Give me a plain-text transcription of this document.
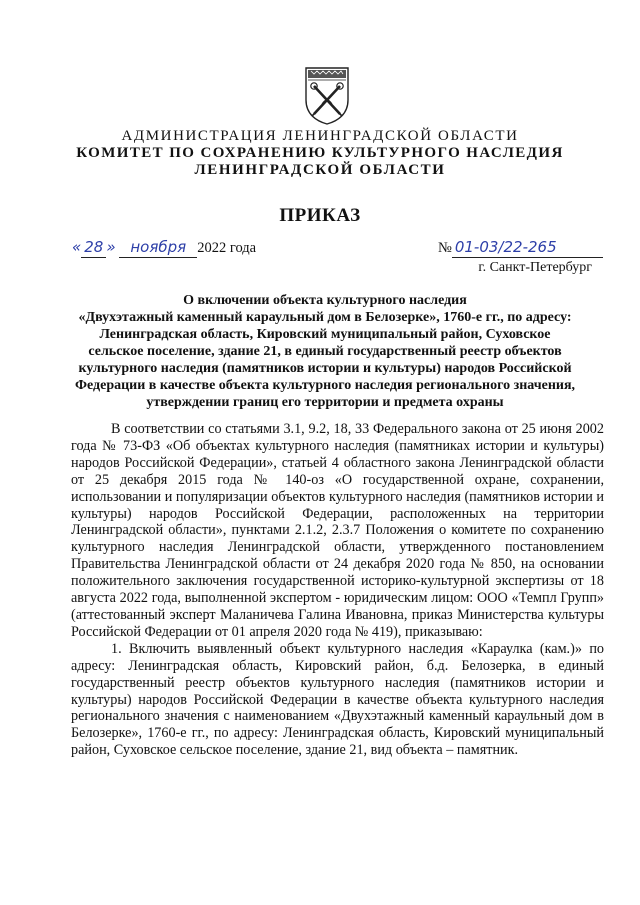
АДМИНИСТРАЦИЯ ЛЕНИНГРАДСКОЙ ОБЛАСТИ
КОМИТЕТ ПО СОХРАНЕНИЮ КУЛЬТУРНОГО НАСЛЕДИЯ
ЛЕНИНГРАДСКОЙ ОБЛАСТИ
ПРИКАЗ
« 28 » ноября 2022 года	№ 01-03/22-265
г. Санкт-Петербург
О включении объекта культурного наследия
«Двухэтажный каменный караульный дом в Белозерке», 1760-е гг., по адресу:
Ленинградская область, Кировский муниципальный район, Суховское
сельское поселение, здание 21, в единый государственный реестр объектов
культурного наследия (памятников истории и культуры) народов Российской
Федерации в качестве объекта культурного наследия регионального значения,
утверждении границ его территории и предмета охраны

В соответствии со статьями 3.1, 9.2, 18, 33 Федерального закона от 25 июня 2002 года № 73-ФЗ «Об объектах культурного наследия (памятниках истории и культуры) народов Российской Федерации», статьей 4 областного закона Ленинградской области от 25 декабря 2015 года № 140-оз «О государственной охране, сохранении, использовании и популяризации объектов культурного наследия (памятников истории и культуры) народов Российской Федерации, расположенных на территории Ленинградской области», пунктами 2.1.2, 2.3.7 Положения о комитете по сохранению культурного наследия Ленинградской области, утвержденного постановлением Правительства Ленинградской области от 24 декабря 2020 года № 850, на основании положительного заключения государственной историко-культурной экспертизы от 18 августа 2022 года, выполненной экспертом - юридическим лицом: ООО «Темпл Групп» (аттестованный эксперт Маланичева Галина Ивановна, приказ Министерства культуры Российской Федерации от 01 апреля 2020 года № 419), приказываю:

1. Включить выявленный объект культурного наследия «Караулка (кам.)» по адресу: Ленинградская область, Кировский район, б.д. Белозерка, в единый государственный реестр объектов культурного наследия (памятников истории и культуры) народов Российской Федерации в качестве объекта культурного наследия регионального значения с наименованием «Двухэтажный каменный караульный дом в Белозерке», 1760-е гг., по адресу: Ленинградская область, Кировский муниципальный район, Суховское сельское поселение, здание 21, вид объекта – памятник.
